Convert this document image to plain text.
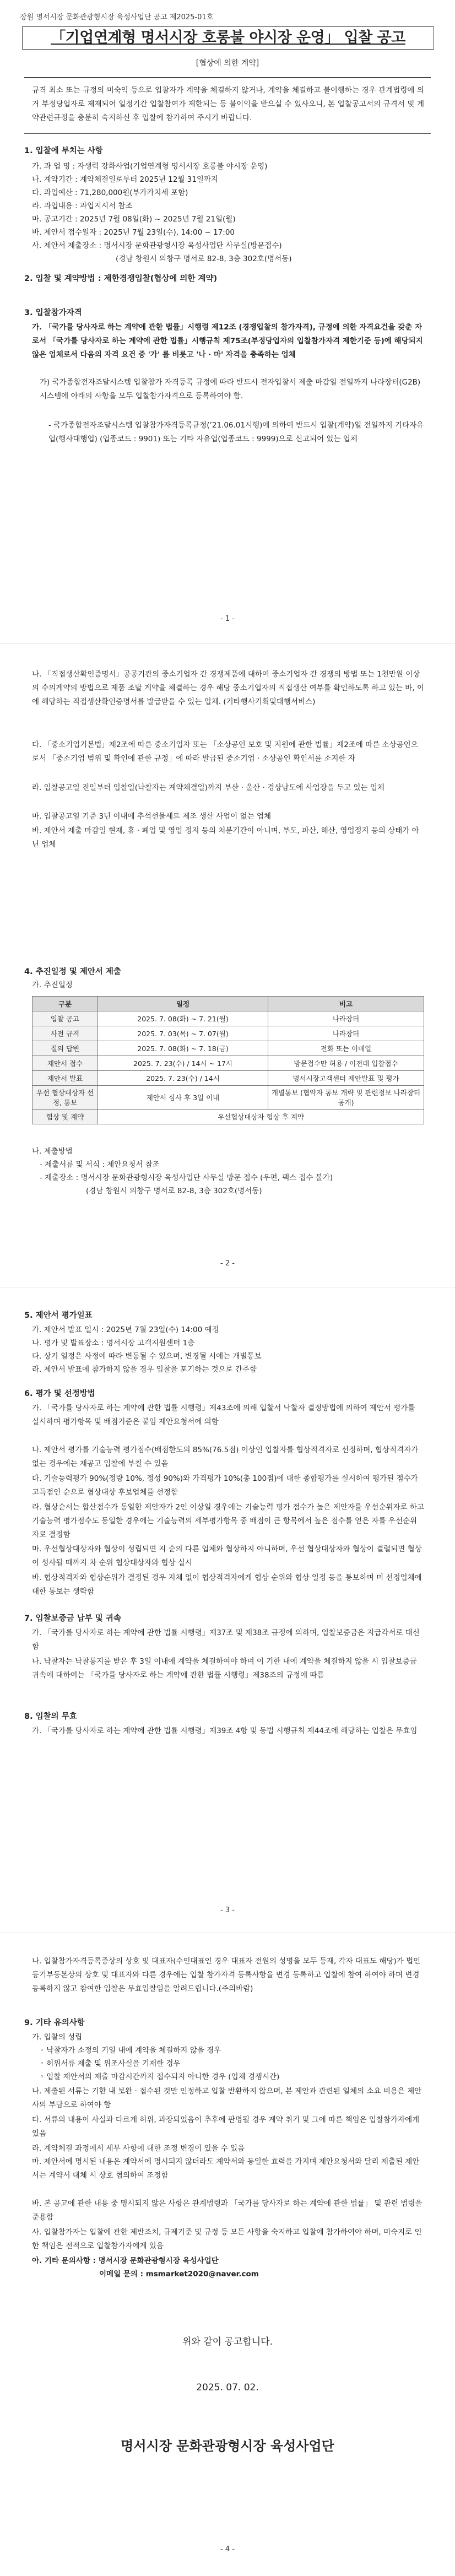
장원 명서시장 문화관광형시장 육성사업단 공고 제2025-01호
「기업연계형 명서시장 호롱불 야시장 운영」 입찰 공고
[협상에 의한 계약]
규격 최소 또는 규정의 미숙익 등으로 입찰자가 계약을 체결하지 않거나, 계약을 체결하고 불이행하는 경우 관계법령에 의거 부정당업자로 제재되어 일정기간 입찰참여가 제한되는 등 불이익을 받으실 수 있사오니, 본 입찰공고서의 규격서 및 계약관련규정을 충분히 숙지하신 후 입찰에 참가하여 주시기 바랍니다.
1. 입찰에 부치는 사항
가. 과 업 명 : 자생력 강화사업(기업연계형 명서시장 호롱불 야시장 운영)
나. 계약기간 : 계약체결일로부터 2025년 12월 31일까지
다. 과업예산 : 71,280,000원(부가가치세 포함)
라. 과업내용 : 과업지시서 참조
마. 공고기간 : 2025년 7월 08일(화) ~ 2025년 7월 21일(월)
바. 제안서 접수일자 : 2025년 7월 23일(수), 14:00 ~ 17:00
사. 제안서 제출장소 : 명서시장 문화관광형시장 육성사업단 사무실(방문접수)
(경남 창원시 의창구 명서로 82-8, 3층 302호(명서동)
2. 입찰 및 계약방법 : 제한경쟁입찰(협상에 의한 계약)
3. 입찰참가자격
가. 「국가를 당사자로 하는 계약에 관한 법률」시행령 제12조 (경쟁입찰의 참가자격), 규정에 의한 자격요건을 갖춘 자로서 「국가를 당사자로 하는 계약에 관한 법률」시행규칙 제75조(부정당업자의 입찰참가자격 제한기준 등)에 해당되지 않은 업체로서 다음의 자격 요건 중 '가' 를 비롯고 '나 · 마' 자격을 충족하는 업체
가) 국가종합전자조달시스템 입찰참가 자격등록 규정에 따라 반드시 전자입찰서 제출 마감일 전일까지 나라장터(G2B) 시스템에 아래의 사항을 모두 입찰참가자격으로 등록하여야 함.
- 국가종합전자조달시스템 입찰참가자격등록규정(’21.06.01시행)에 의하여 반드시 입찰(계약)일 전일까지 기타자유업(행사대행업) (업종코드 : 9901) 또는 기타 자유업(업종코드 : 9999)으로 신고되어 있는 업체
- 1 -
나. 「직접생산확인증명서」공공기관의 중소기업자 간 경쟁제품에 대하여 중소기업자 간 경쟁의 방법 또는 1천만원 이상의 수의계약의 방법으로 제품 조달 계약을 체결하는 경우 해당 중소기업자의 직접생산 여부를 확인하도록 하고 있는 바, 이에 해당하는 직접생산확인증명서를 발급받을 수 있는 업체. (기타행사기획및대행서비스)
다. 「중소기업기본법」제2조에 따른 중소기업자 또는 「소상공인 보호 및 지원에 관한 법률」제2조에 따른 소상공인으로서 「중소기업 범위 및 확인에 관한 규정」에 따라 발급된 중소기업 · 소상공인 확인서를 소지한 자
라. 입찰공고일 전일부터 입찰일(낙찰자는 계약체결일)까지 부산 · 울산 · 경상남도에 사업장을 두고 있는 업체
마. 입찰공고일 기준 3년 이내에 추석선물세트 제조 생산 사업이 없는 업체
바. 제안서 제출 마감일 현재, 휴 · 폐업 및 영업 정지 등의 처분기간이 아니며, 부도, 파산, 해산, 영업정지 등의 상태가 아닌 업체
4. 추진일정 및 제안서 제출
가. 추진일정
구분	일정	비고
입찰 공고	2025. 7. 08(화) ~ 7. 21(월)	나라장터
사전 규격	2025. 7. 03(목) ~ 7. 07(월)	나라장터
질의 답변	2025. 7. 08(화) ~ 7. 18(금)	전화 또는 이메일
제안서 접수	2025. 7. 23(수) / 14시 ~ 17시	방문접수만 허용 / 이전대 입찰접수
제안서 발표	2025. 7. 23(수) / 14시	명서시장고객센터 제안발표 및 평가
우선 협상대상자 선정, 통보	제안서 심사 후 3일 이내	개별통보 (협약자 통보 개략 및 관련정보 나라장터 공개)
협상 및 계약	우선협상대상자 협상 후 계약	
나. 제출방법
- 제출서류 및 서식 : 제안요청서 참조
- 제출장소 : 명서시장 문화관광형시장 육성사업단 사무실 방문 접수 (우편, 팩스 접수 불가)
(경남 창원시 의창구 명서로 82-8, 3층 302호(명서동)
- 2 -
5. 제안서 평가일표
가. 제안서 발표 일시 : 2025년 7월 23일(수) 14:00 예정
나. 평가 및 발표장소 : 명서시장 고객지원센터 1층
다. 상기 일정은 사정에 따라 변동될 수 있으며, 변경될 시에는 개별통보
라. 제안서 발표에 참가하지 않을 경우 입찰을 포기하는 것으로 간주함
6. 평가 및 선정방법
가. 「국가를 당사자로 하는 계약에 관한 법률 시행령」제43조에 의해 입찰서 낙찰자 결정방법에 의하여 제안서 평가를 실시하며 평가항목 및 배점기준은 붙임 제안요청서에 의함
나. 제안서 평가를 기술능력 평가점수(배점한도의 85%(76.5점) 이상인 입찰자를 협상적격자로 선정하며, 협상적격자가 없는 경우에는 재공고 입찰에 부칠 수 있음
다. 기술능력평가 90%(정량 10%, 정성 90%)와 가격평가 10%(총 100점)에 대한 종합평가를 실시하여 평가된 점수가 고득점인 순으로 협상대상 후보업체를 선정함
라. 협상순서는 합산점수가 동일한 제안자가 2인 이상일 경우에는 기술능력 평가 점수가 높은 제안자를 우선순위자로 하고 기술능력 평가점수도 동일한 경우에는 기술능력의 세부평가항목 중 배점이 큰 항목에서 높은 점수를 얻은 자를 우선순위자로 결정함
마. 우선협상대상자와 협상이 성립되면 지 순의 다른 업체와 협상하지 아니하며, 우선 협상대상자와 협상이 결렬되면 협상이 성사될 때까지 차 순위 협상대상자와 협상 실시
바. 협상적격자와 협상순위가 결정된 경우 지체 없이 협상적격자에게 협상 순위와 협상 일정 등을 통보하며 미 선정업체에 대한 통보는 생략함
7. 입찰보증금 납부 및 귀속
가. 「국가를 당사자로 하는 계약에 관한 법률 시행령」제37조 및 제38조 규정에 의하며, 입찰보증금은 지급각서로 대신함
나. 낙찰자는 낙찰통지를 받은 후 3일 이내에 계약을 체결하여야 하며 이 기한 내에 계약을 체결하지 않을 시 입찰보증금 귀속에 대하여는 「국가를 당사자로 하는 계약에 관한 법률 시행령」제38조의 규정에 따름
8. 입찰의 무효
가. 「국가를 당사자로 하는 계약에 관한 법률 시행령」제39조 4항 및 동법 시행규칙 제44조에 해당하는 입찰은 무효임
- 3 -
나. 입찰참가자격등록증상의 상호 및 대표자(수인대표인 경우 대표자 전원의 성명을 모두 등재, 각자 대표도 해당)가 법인등기부등본상의 상호 및 대표자와 다른 경우에는 입찰 참가자격 등록사항을 변경 등록하고 입찰에 참여 하여야 하며 변경등록하지 않고 참여한 입찰은 무효입찰임을 알려드립니다.(주의바람)
9. 기타 유의사항
가. 입찰의 성립
◦ 낙찰자가 소정의 기일 내에 계약을 체결하지 않을 경우
◦ 허위서류 제출 및 위조사실을 기재한 경우
◦ 입찰 제안서의 제출 마감시간까지 접수되지 아니한 경우 (업체 경쟁시간)
나. 제출된 서류는 기한 내 보완 · 접수된 것만 인정하고 입찰 반환하지 않으며, 본 제안과 관련된 일체의 소요 비용은 제안사의 부담으로 하여야 함
다. 서류의 내용이 사실과 다르게 허위, 과장되었음이 추후에 판명될 경우 계약 취기 및 그에 따른 책임은 입찰참가자에게 있음
라. 계약체결 과정에서 세부 사항에 대한 조정 변경이 있을 수 있음
마. 제안서에 명시된 내용은 계약서에 명시되지 않더라도 계약서와 동일한 효력을 가지며 제안요청서와 달리 제출된 제안서는 계약서 대체 시 상호 협의하여 조정함
바. 본 공고에 관한 내용 중 명시되지 않은 사항은 관계법령과 「국가를 당사자로 하는 계약에 관한 법률」 및 관련 법령을 준용함
사. 입찰참가자는 입찰에 관한 제반조치, 규제기준 및 규정 등 모든 사항을 숙지하고 입찰에 참가하여야 하며, 미숙지로 인한 책임은 전적으로 입찰참가자에게 있음
아. 기타 문의사항 : 명서시장 문화관광형시장 육성사업단
이메일 문의 : msmarket2020@naver.com
위와 같이 공고합니다.
2025. 07. 02.
명서시장 문화관광형시장 육성사업단
- 4 -
